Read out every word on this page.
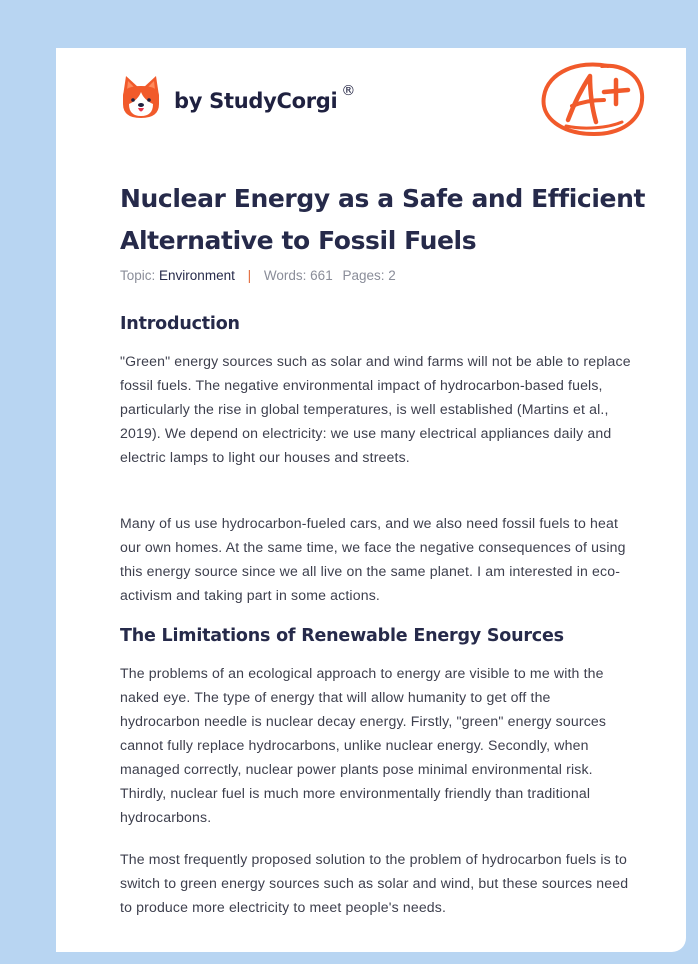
by StudyCorgi ®
Nuclear Energy as a Safe and Efficient Alternative to Fossil Fuels
Topic: Environment | Words: 661 Pages: 2
Introduction

"Green" energy sources such as solar and wind farms will not be able to replace fossil fuels. The negative environmental impact of hydrocarbon-based fuels, particularly the rise in global temperatures, is well established (Martins et al., 2019). We depend on electricity: we use many electrical appliances daily and electric lamps to light our houses and streets.

Many of us use hydrocarbon-fueled cars, and we also need fossil fuels to heat our own homes. At the same time, we face the negative consequences of using this energy source since we all live on the same planet. I am interested in eco-activism and taking part in some actions.

The Limitations of Renewable Energy Sources

The problems of an ecological approach to energy are visible to me with the naked eye. The type of energy that will allow humanity to get off the hydrocarbon needle is nuclear decay energy. Firstly, "green" energy sources cannot fully replace hydrocarbons, unlike nuclear energy. Secondly, when managed correctly, nuclear power plants pose minimal environmental risk. Thirdly, nuclear fuel is much more environmentally friendly than traditional hydrocarbons.

The most frequently proposed solution to the problem of hydrocarbon fuels is to switch to green energy sources such as solar and wind, but these sources need to produce more electricity to meet people's needs.
